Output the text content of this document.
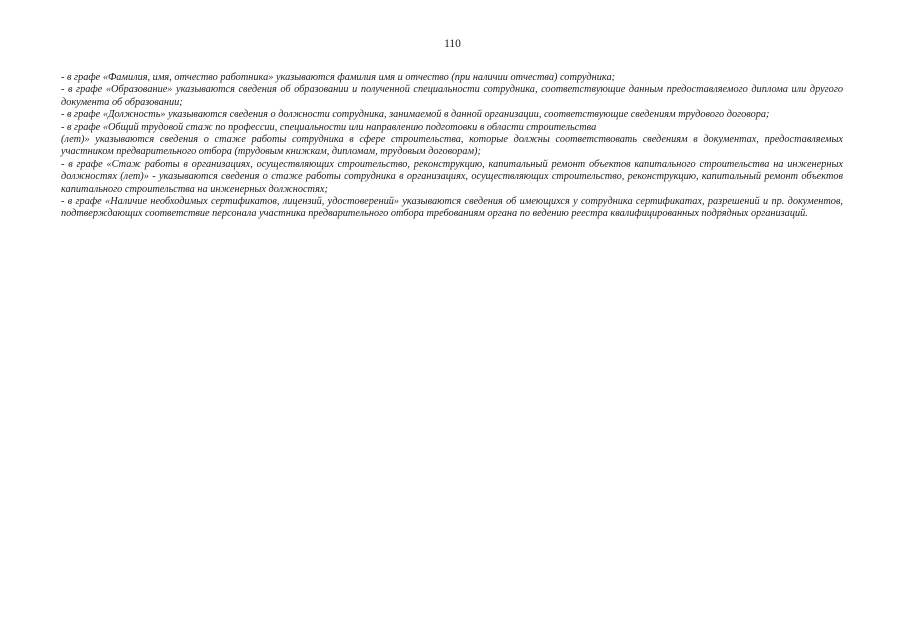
110

- в графе «Фамилия, имя, отчество работника» указываются фамилия имя и отчество (при наличии отчества) сотрудника;

- в графе «Образование» указываются сведения об образовании и полученной специальности сотрудника, соответствующие данным предоставляемого диплома или другого документа об образовании;

- в графе «Должность» указываются сведения о должности сотрудника, занимаемой в данной организации, соответствующие сведениям трудового договора;

- в графе «Общий трудовой стаж по профессии, специальности или направлению подготовки в области строительства

(лет)» указываются сведения о стаже работы сотрудника в сфере строительства, которые должны соответствовать сведениям в документах, предоставляемых участником предварительного отбора (трудовым книжкам, дипломам, трудовым договорам);

- в графе «Стаж работы в организациях, осуществляющих строительство, реконструкцию, капитальный ремонт объектов капитального строительства на инженерных должностях (лет)» - указываются сведения о стаже работы сотрудника в организациях, осуществляющих строительство, реконструкцию, капитальный ремонт объектов капитального строительства на инженерных должностях;

- в графе «Наличие необходимых сертификатов, лицензий, удостоверений» указываются сведения об имеющихся у сотрудника сертификатах, разрешений и пр. документов, подтверждающих соответствие персонала участника предварительного отбора требованиям органа по ведению реестра квалифицированных подрядных организаций.
